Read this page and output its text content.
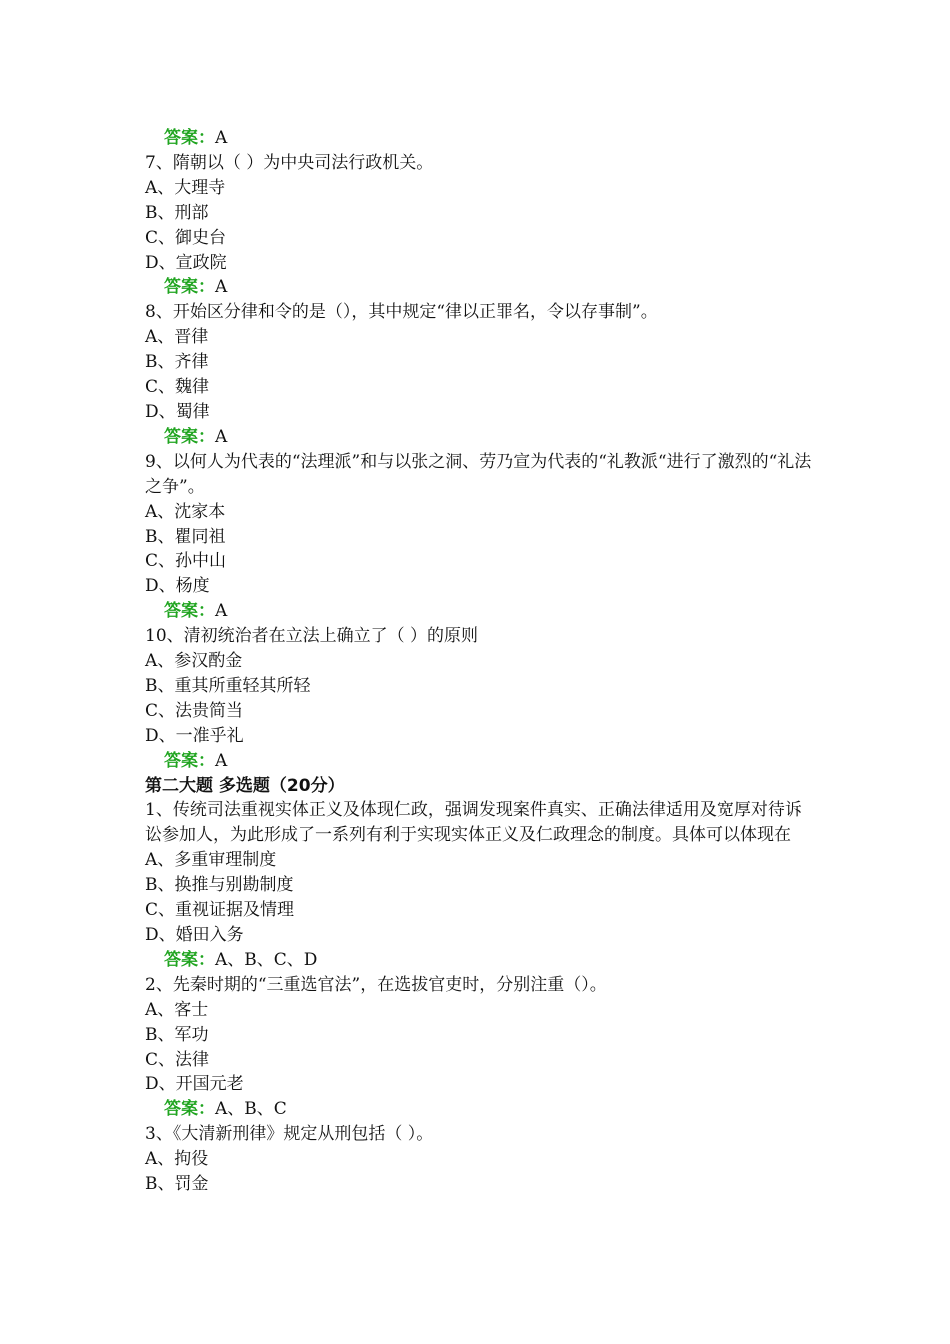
答案：A
7、隋朝以（ ）为中央司法行政机关。
A、大理寺
B、刑部
C、御史台
D、宣政院
答案：A
8、开始区分律和令的是（），其中规定“律以正罪名，令以存事制”。
A、晋律
B、齐律
C、魏律
D、蜀律
答案：A
9、以何人为代表的“法理派”和与以张之洞、劳乃宣为代表的“礼教派“进行了激烈的“礼法之争”。
A、沈家本
B、瞿同祖
C、孙中山
D、杨度
答案：A
10、清初统治者在立法上确立了（ ）的原则
A、参汉酌金
B、重其所重轻其所轻
C、法贵简当
D、一准乎礼
答案：A
第二大题 多选题（20分）
1、传统司法重视实体正义及体现仁政，强调发现案件真实、正确法律适用及宽厚对待诉讼参加人，为此形成了一系列有利于实现实体正义及仁政理念的制度。具体可以体现在
A、多重审理制度
B、换推与别勘制度
C、重视证据及情理
D、婚田入务
答案：A、B、C、D
2、先秦时期的“三重选官法”，在选拔官吏时，分别注重（）。
A、客士
B、军功
C、法律
D、开国元老
答案：A、B、C
3、《大清新刑律》规定从刑包括（ ）。
A、拘役
B、罚金
